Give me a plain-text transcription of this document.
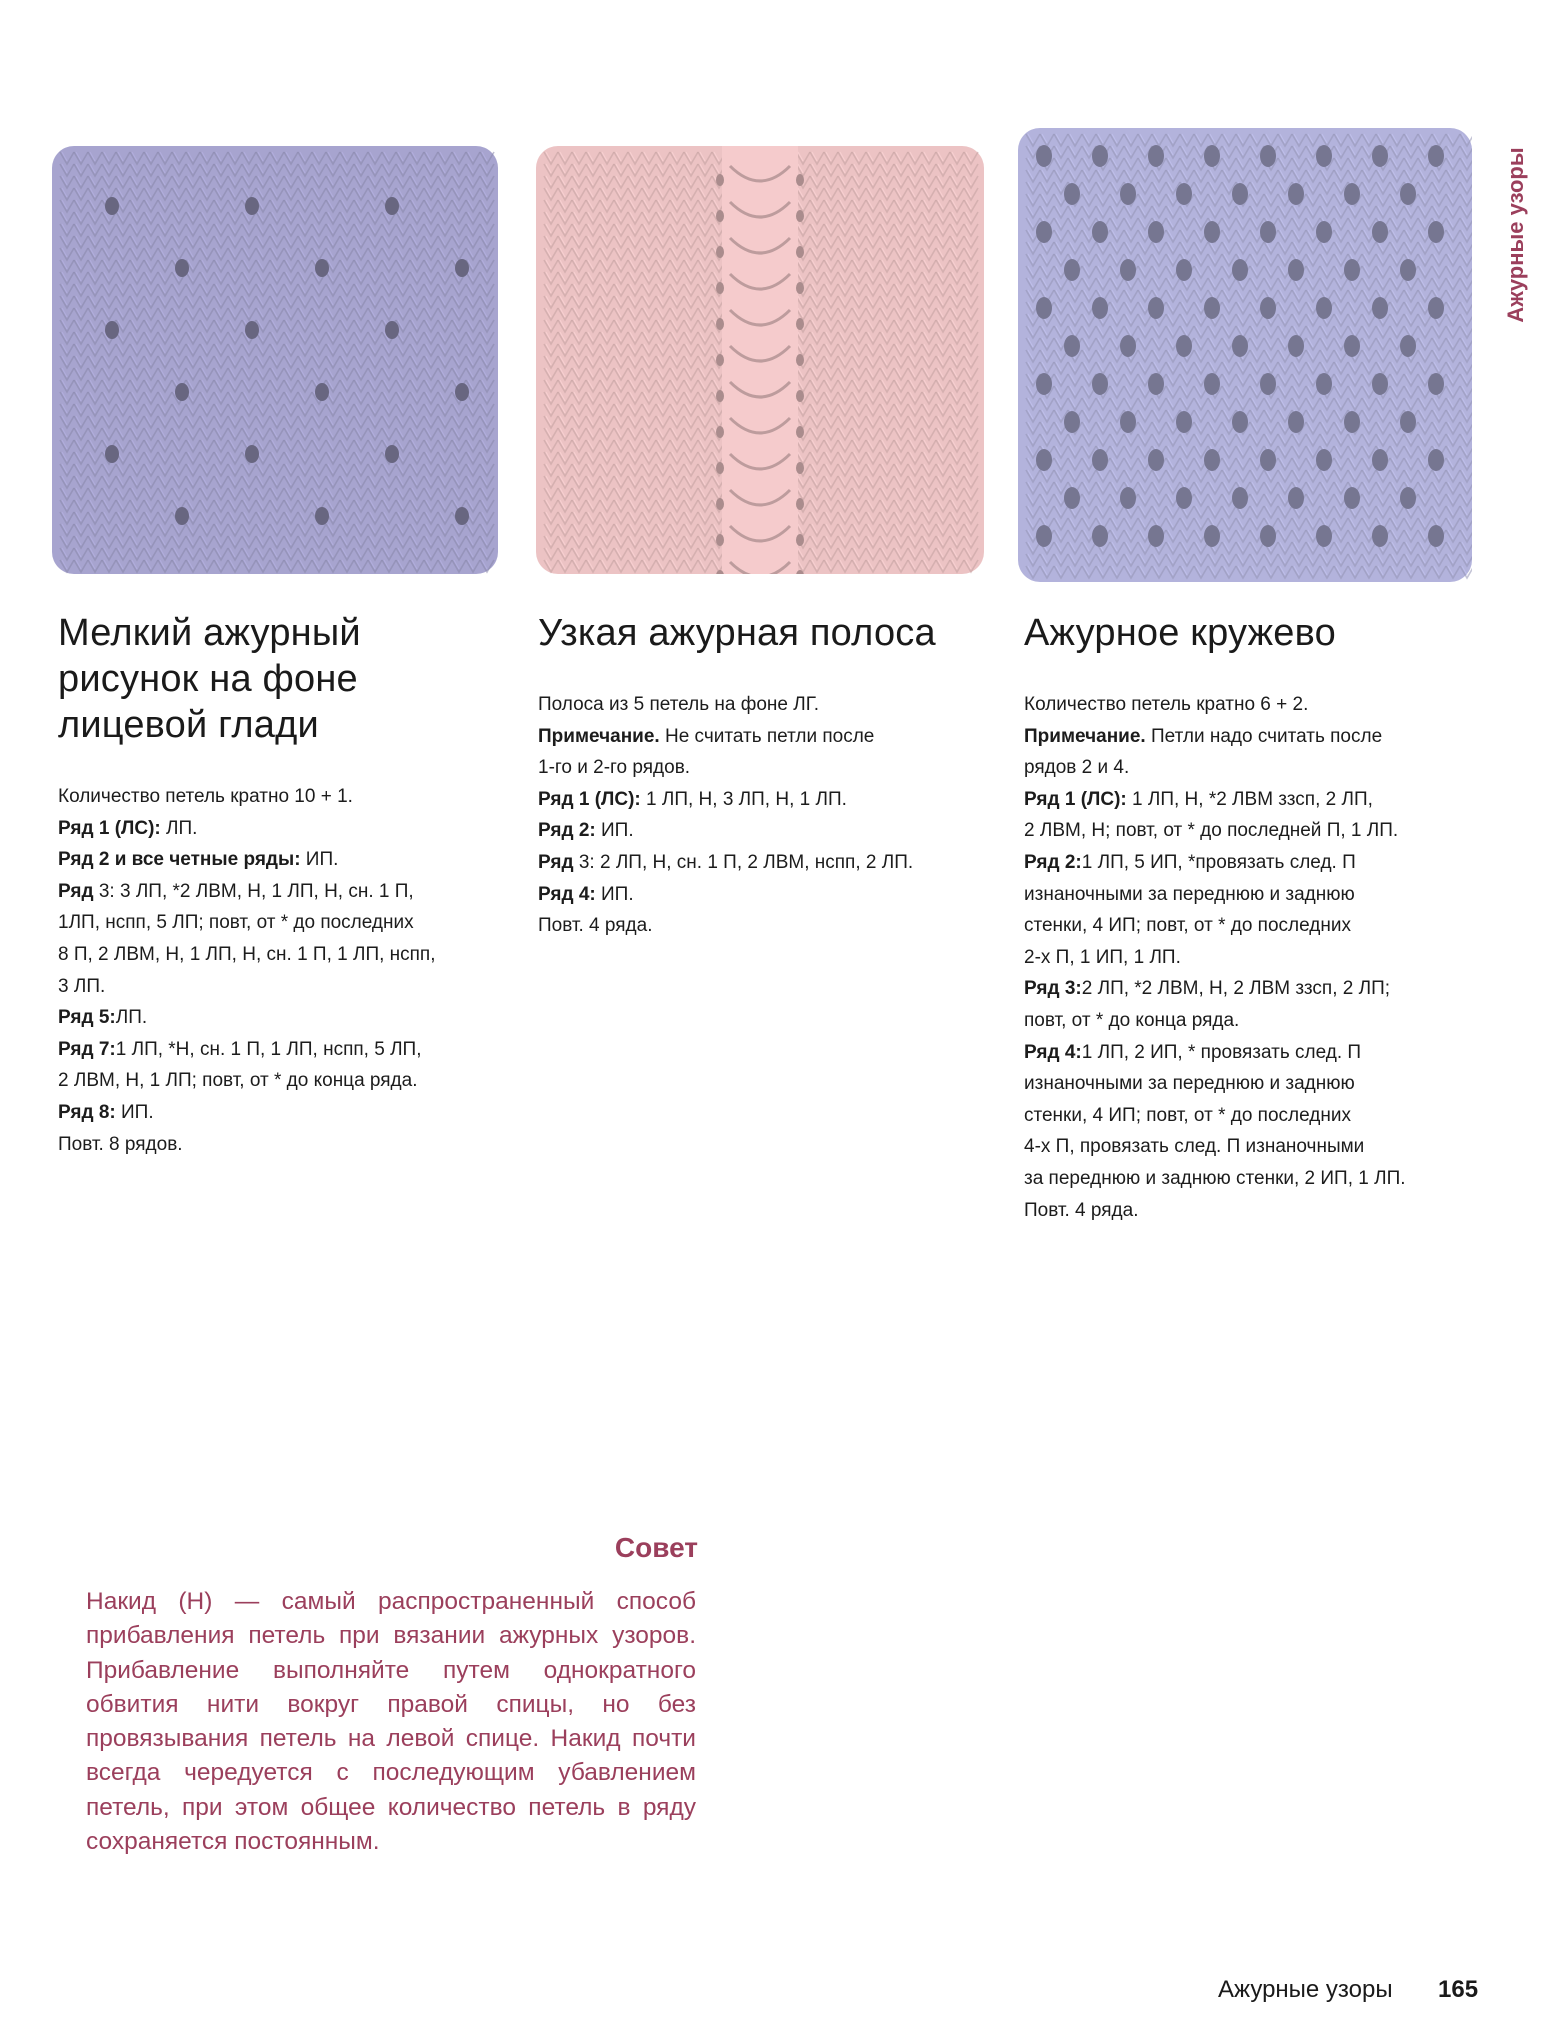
Ажурные узоры
Мелкий ажурный рисунок на фоне лицевой глади

Количество петель кратно 10 + 1.

Ряд 1 (ЛС): ЛП.

Ряд 2 и все четные ряды: ИП.

Ряд 3: 3 ЛП, *2 ЛВМ, Н, 1 ЛП, Н, сн. 1 П,

1ЛП, нспп, 5 ЛП; повт, от * до последних

8 П, 2 ЛВМ, Н, 1 ЛП, Н, сн. 1 П, 1 ЛП, нспп,

3 ЛП.

Ряд 5:ЛП.

Ряд 7:1 ЛП, *Н, сн. 1 П, 1 ЛП, нспп, 5 ЛП,

2 ЛВМ, Н, 1 ЛП; повт, от * до конца ряда.

Ряд 8: ИП.

Повт. 8 рядов.

Узкая ажурная полоса

Полоса из 5 петель на фоне ЛГ.

Примечание. Не считать петли после

1-го и 2-го рядов.

Ряд 1 (ЛС): 1 ЛП, Н, 3 ЛП, Н, 1 ЛП.

Ряд 2: ИП.

Ряд 3: 2 ЛП, Н, сн. 1 П, 2 ЛВМ, нспп, 2 ЛП.

Ряд 4: ИП.

Повт. 4 ряда.

Ажурное кружево

Количество петель кратно 6 + 2.

Примечание. Петли надо считать после

рядов 2 и 4.

Ряд 1 (ЛС): 1 ЛП, Н, *2 ЛВМ ззсп, 2 ЛП,

2 ЛВМ, Н; повт, от * до последней П, 1 ЛП.

Ряд 2:1 ЛП, 5 ИП, *провязать след. П

изнаночными за переднюю и заднюю

стенки, 4 ИП; повт, от * до последних

2-х П, 1 ИП, 1 ЛП.

Ряд 3:2 ЛП, *2 ЛВМ, Н, 2 ЛВМ ззсп, 2 ЛП;

повт, от * до конца ряда.

Ряд 4:1 ЛП, 2 ИП, * провязать след. П

изнаночными за переднюю и заднюю

стенки, 4 ИП; повт, от * до последних

4-х П, провязать след. П изнаночными

за переднюю и заднюю стенки, 2 ИП, 1 ЛП.

Повт. 4 ряда.

Совет
Накид (Н) — самый распространенный способ прибавления петель при вязании ажурных узоров. Прибавление выполняйте путем однократного обвития нити вокруг правой спицы, но без провязывания петель на левой спице. Накид почти всегда чередуется с последующим убавлением петель, при этом общее количество петель в ряду сохраняется постоянным.
Ажурные узоры 165
